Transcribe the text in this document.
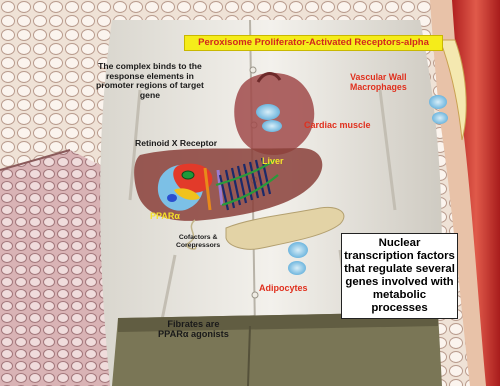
Peroxisome Proliferator-Activated Receptors-alpha
The complex binds to the
response elements in
promoter regions of target
gene
Retinoid X Receptor
PPARα
Cofactors &
Corepressors
Fibrates are
PPARα agonists
Vascular Wall
Macrophages
Cardiac muscle
Liver
Adipocytes
Nuclear
transcription factors
that regulate several
genes involved with
metabolic
processes
